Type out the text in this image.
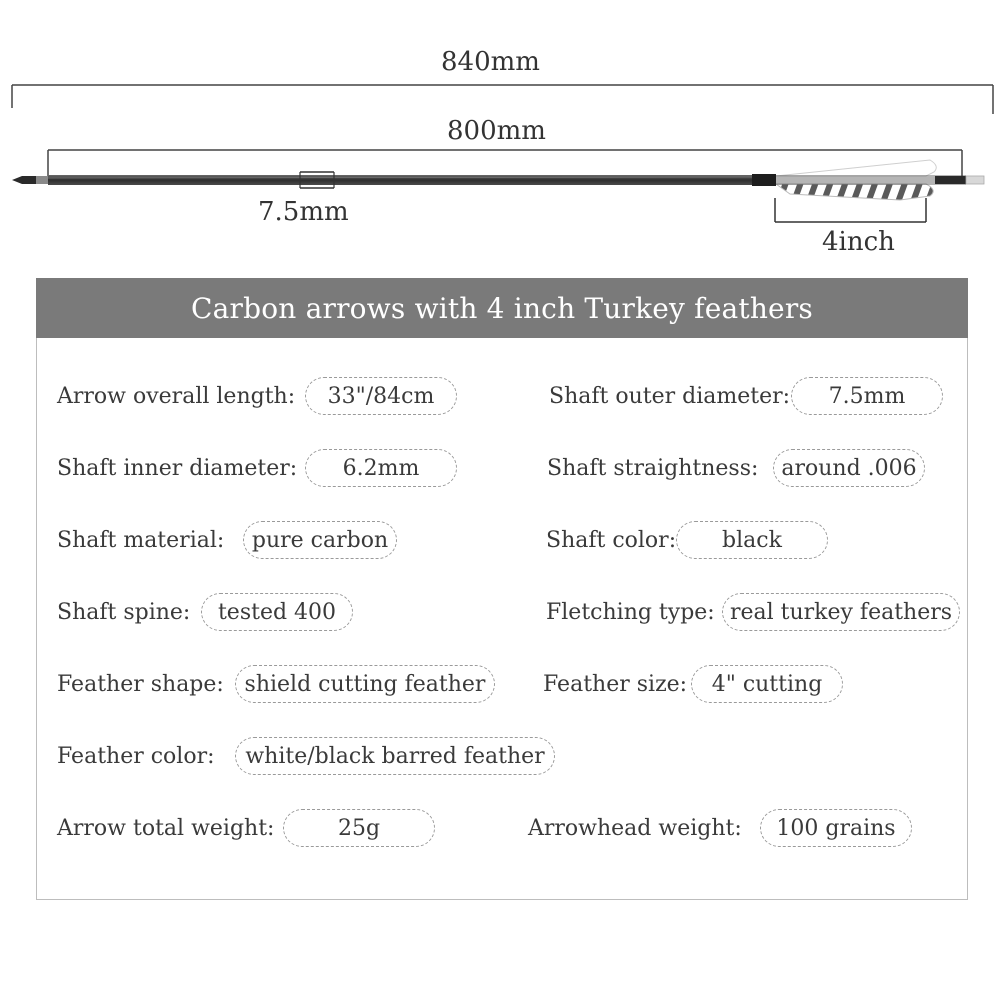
840mm
800mm
7.5mm
4inch
Carbon arrows with 4 inch Turkey feathers
Arrow overall length:	33"/84cm	Shaft outer diameter:	7.5mm
Shaft inner diameter:	6.2mm	Shaft straightness:	around .006
Shaft material:	pure carbon	Shaft color:	black
Shaft spine:	tested 400	Fletching type: real turkey feathers
Feather shape: shield cutting feather	Feather size:	4" cutting
Feather color:	white/black barred feather
Arrow total weight:	25g	Arrowhead weight:	100 grains
